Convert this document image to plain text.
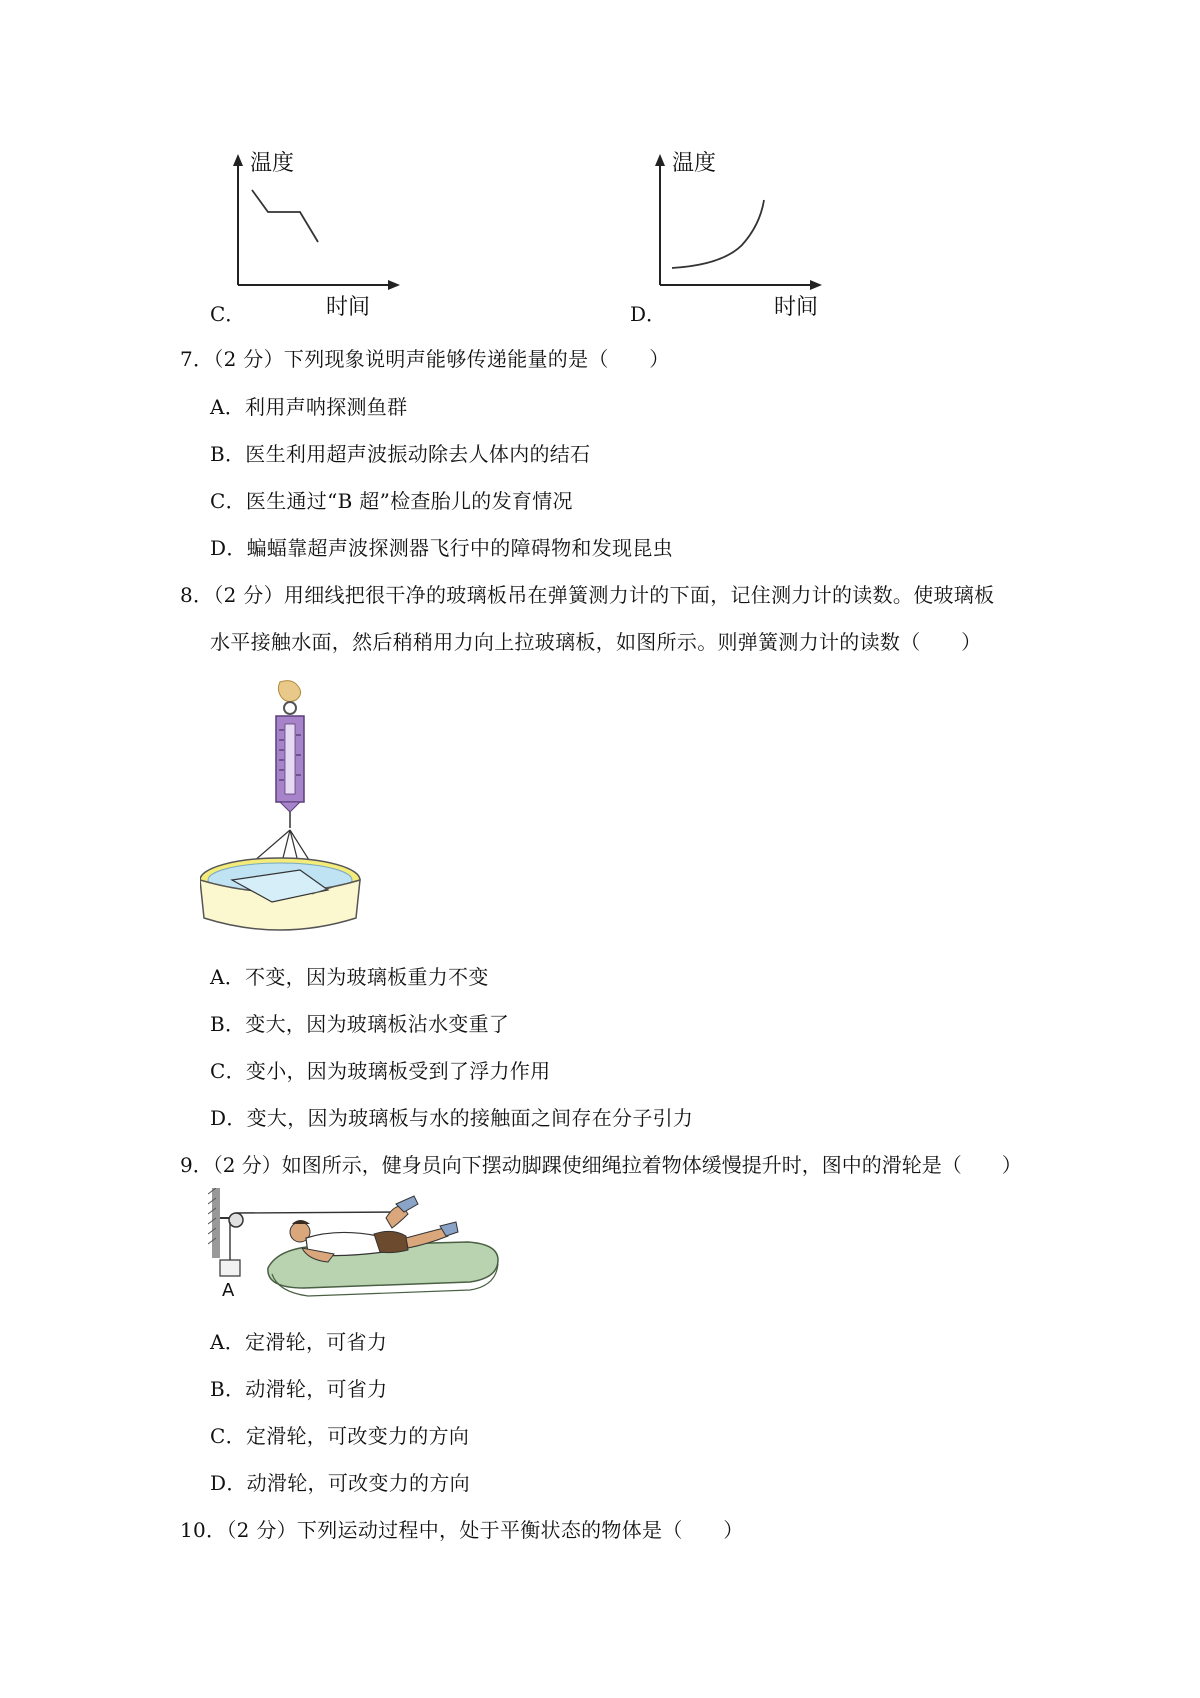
温度
时间
C．
温度
时间
D．
7．（2 分）下列现象说明声能够传递能量的是（　　）
A．利用声呐探测鱼群
B．医生利用超声波振动除去人体内的结石
C．医生通过“B 超”检查胎儿的发育情况
D．蝙蝠靠超声波探测器飞行中的障碍物和发现昆虫
8．（2 分）用细线把很干净的玻璃板吊在弹簧测力计的下面，记住测力计的读数。使玻璃板
水平接触水面，然后稍稍用力向上拉玻璃板，如图所示。则弹簧测力计的读数（　　）
A．不变，因为玻璃板重力不变
B．变大，因为玻璃板沾水变重了
C．变小，因为玻璃板受到了浮力作用
D．变大，因为玻璃板与水的接触面之间存在分子引力
9．（2 分）如图所示，健身员向下摆动脚踝使细绳拉着物体缓慢提升时，图中的滑轮是（　　）
A
A．定滑轮，可省力
B．动滑轮，可省力
C．定滑轮，可改变力的方向
D．动滑轮，可改变力的方向
10．（2 分）下列运动过程中，处于平衡状态的物体是（　　）
